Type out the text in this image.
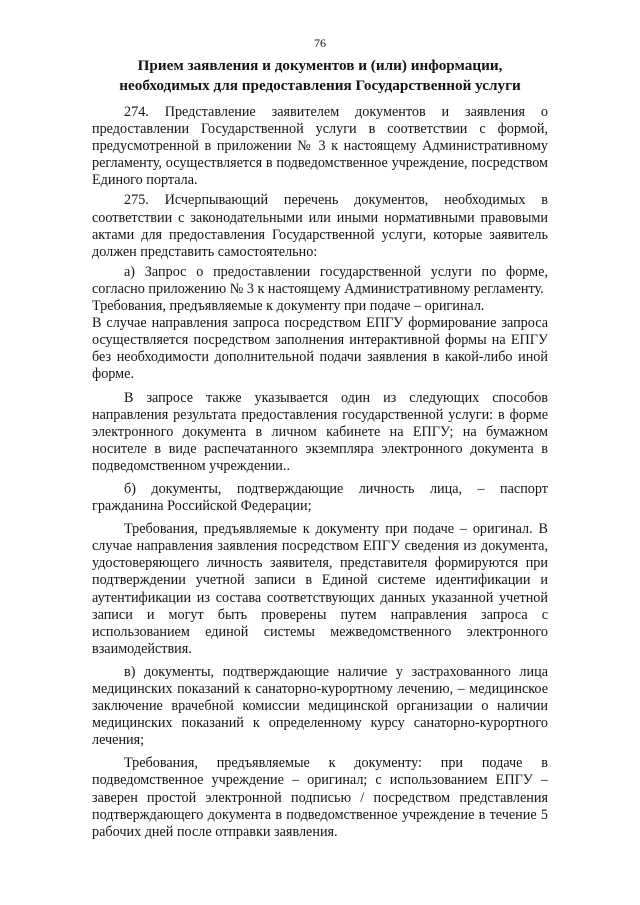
76
Прием заявления и документов и (или) информации,
необходимых для предоставления Государственной услуги

274. Представление заявителем документов и заявления о предоставлении Государственной услуги в соответствии с формой, предусмотренной в приложении № 3 к настоящему Административному регламенту, осуществляется в подведомственное учреждение, посредством Единого портала.

275. Исчерпывающий перечень документов, необходимых в соответствии с законодательными или иными нормативными правовыми актами для предоставления Государственной услуги, которые заявитель должен представить самостоятельно:

а) Запрос о предоставлении государственной услуги по форме, согласно приложению № 3 к настоящему Административному регламенту.

Требования, предъявляемые к документу при подаче – оригинал.

В случае направления запроса посредством ЕПГУ формирование запроса осуществляется посредством заполнения интерактивной формы на ЕПГУ без необходимости дополнительной подачи заявления в какой-либо иной форме.

В запросе также указывается один из следующих способов направления результата предоставления государственной услуги: в форме электронного документа в личном кабинете на ЕПГУ; на бумажном носителе в виде распечатанного экземпляра электронного документа в подведомственном учреждении..

б) документы, подтверждающие личность лица, – паспорт гражданина Российской Федерации;

Требования, предъявляемые к документу при подаче – оригинал. В случае направления заявления посредством ЕПГУ сведения из документа, удостоверяющего личность заявителя, представителя формируются при подтверждении учетной записи в Единой системе идентификации и аутентификации из состава соответствующих данных указанной учетной записи и могут быть проверены путем направления запроса с использованием единой системы межведомственного электронного взаимодействия.

в) документы, подтверждающие наличие у застрахованного лица медицинских показаний к санаторно-курортному лечению, – медицинское заключение врачебной комиссии медицинской организации о наличии медицинских показаний к определенному курсу санаторно-курортного лечения;

Требования, предъявляемые к документу: при подаче в подведомственное учреждение – оригинал; с использованием ЕПГУ – заверен простой электронной подписью / посредством представления подтверждающего документа в подведомственное учреждение в течение 5 рабочих дней после отправки заявления.
